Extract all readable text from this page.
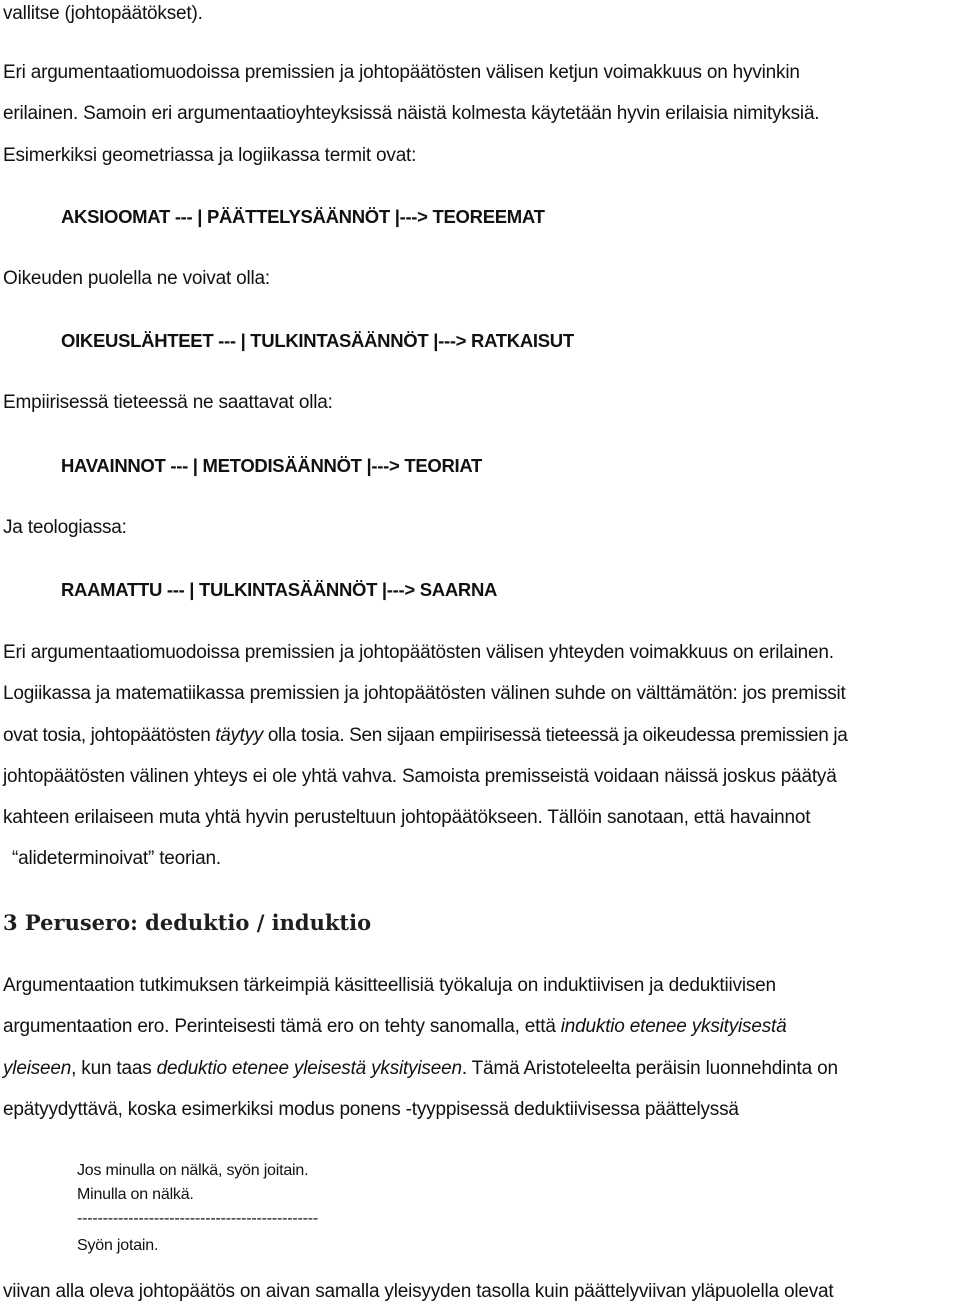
vallitse (johtopäätökset).
Eri argumentaatiomuodoissa premissien ja johtopäätösten välisen ketjun voimakkuus on hyvinkin
erilainen. Samoin eri argumentaatioyhteyksissä näistä kolmesta käytetään hyvin erilaisia nimityksiä.
Esimerkiksi geometriassa ja logiikassa termit ovat:
AKSIOOMAT --- | PÄÄTTELYSÄÄNNÖT |---> TEOREEMAT
Oikeuden puolella ne voivat olla:
OIKEUSLÄHTEET --- | TULKINTASÄÄNNÖT |---> RATKAISUT
Empiirisessä tieteessä ne saattavat olla:
HAVAINNOT --- | METODISÄÄNNÖT |---> TEORIAT
Ja teologiassa:
RAAMATTU --- | TULKINTASÄÄNNÖT |---> SAARNA
Eri argumentaatiomuodoissa premissien ja johtopäätösten välisen yhteyden voimakkuus on erilainen.
Logiikassa ja matematiikassa premissien ja johtopäätösten välinen suhde on välttämätön: jos premissit
ovat tosia, johtopäätösten täytyy olla tosia. Sen sijaan empiirisessä tieteessä ja oikeudessa premissien ja
johtopäätösten välinen yhteys ei ole yhtä vahva. Samoista premisseistä voidaan näissä joskus päätyä
kahteen erilaiseen muta yhtä hyvin perusteltuun johtopäätökseen. Tällöin sanotaan, että havainnot
“alideterminoivat” teorian.
3 Perusero: deduktio / induktio
Argumentaation tutkimuksen tärkeimpiä käsitteellisiä työkaluja on induktiivisen ja deduktiivisen
argumentaation ero. Perinteisesti tämä ero on tehty sanomalla, että induktio etenee yksityisestä
yleiseen, kun taas deduktio etenee yleisestä yksityiseen. Tämä Aristoteleelta peräisin luonnehdinta on
epätyydyttävä, koska esimerkiksi modus ponens -tyyppisessä deduktiivisessa päättelyssä
Jos minulla on nälkä, syön joitain.
Minulla on nälkä.
-----------------------------------------------
Syön jotain.
viivan alla oleva johtopäätös on aivan samalla yleisyyden tasolla kuin päättelyviivan yläpuolella olevat
